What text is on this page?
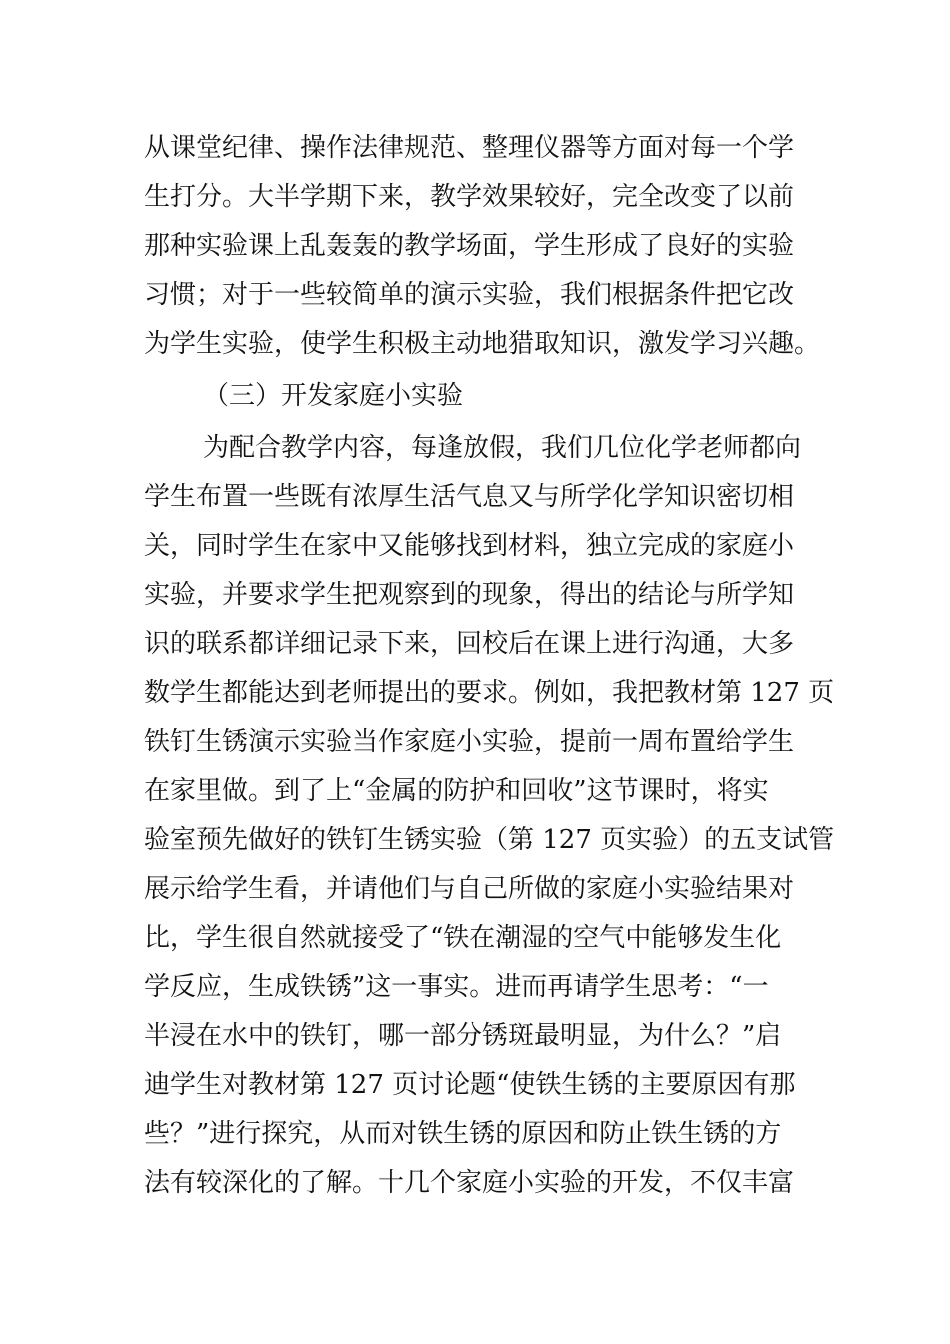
从课堂纪律、操作法律规范、整理仪器等方面对每一个学
生打分。大半学期下来，教学效果较好，完全改变了以前
那种实验课上乱轰轰的教学场面，学生形成了良好的实验
习惯；对于一些较简单的演示实验，我们根据条件把它改
为学生实验，使学生积极主动地猎取知识，激发学习兴趣。
（三）开发家庭小实验
为配合教学内容，每逢放假，我们几位化学老师都向
学生布置一些既有浓厚生活气息又与所学化学知识密切相
关，同时学生在家中又能够找到材料，独立完成的家庭小
实验，并要求学生把观察到的现象，得出的结论与所学知
识的联系都详细记录下来，回校后在课上进行沟通，大多
数学生都能达到老师提出的要求。例如，我把教材第 127 页
铁钉生锈演示实验当作家庭小实验，提前一周布置给学生
在家里做。到了上“金属的防护和回收”这节课时，将实
验室预先做好的铁钉生锈实验（第 127 页实验）的五支试管
展示给学生看，并请他们与自己所做的家庭小实验结果对
比，学生很自然就接受了“铁在潮湿的空气中能够发生化
学反应，生成铁锈”这一事实。进而再请学生思考：“一
半浸在水中的铁钉，哪一部分锈斑最明显，为什么？”启
迪学生对教材第 127 页讨论题“使铁生锈的主要原因有那
些？”进行探究，从而对铁生锈的原因和防止铁生锈的方
法有较深化的了解。十几个家庭小实验的开发，不仅丰富
